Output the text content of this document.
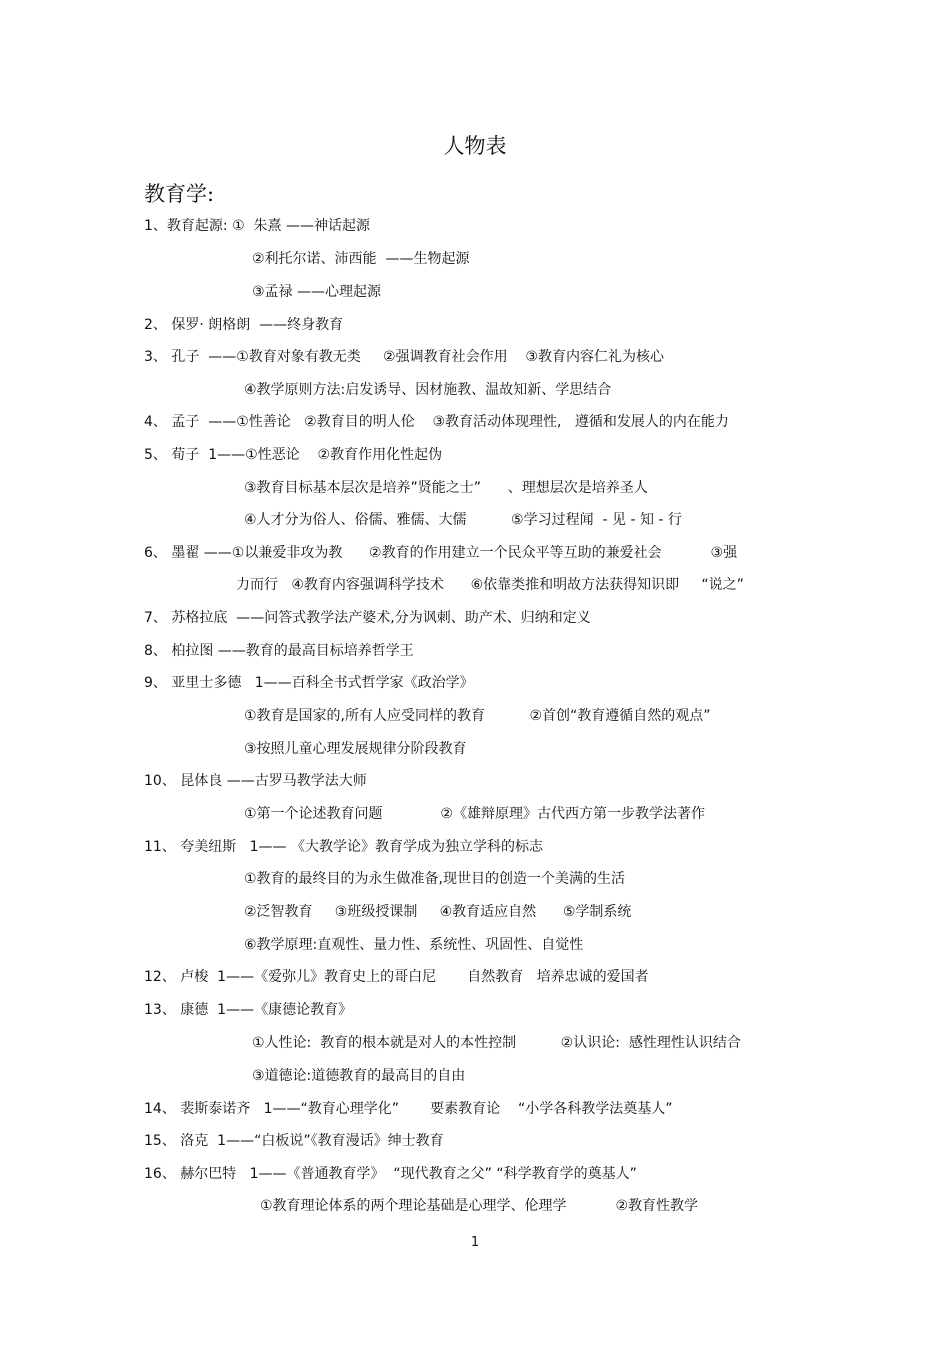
人物表
教育学:
1、教育起源: ①  朱熹 ——神话起源
②利托尔诺、沛西能  ——生物起源
③孟禄 ——心理起源
2、 保罗· 朗格朗  ——终身教育
3、 孔子  ——①教育对象有教无类     ②强调教育社会作用    ③教育内容仁礼为核心
④教学原则方法:启发诱导、因材施教、温故知新、学思结合
4、 孟子  ——①性善论   ②教育目的明人伦    ③教育活动体现理性,   遵循和发展人的内在能力
5、 荀子  1——①性恶论    ②教育作用化性起伪
③教育目标基本层次是培养”贤能之士”      、理想层次是培养圣人
④人才分为俗人、俗儒、雅儒、大儒          ⑤学习过程闻  - 见 - 知 - 行
6、 墨翟 ——①以兼爱非攻为教      ②教育的作用建立一个民众平等互助的兼爱社会           ③强
力而行   ④教育内容强调科学技术      ⑥依靠类推和明故方法获得知识即     “说之”
7、 苏格拉底  ——问答式教学法产婆术,分为讽刺、助产术、归纳和定义
8、 柏拉图 ——教育的最高目标培养哲学王
9、 亚里士多德   1——百科全书式哲学家《政治学》
①教育是国家的,所有人应受同样的教育          ②首创“教育遵循自然的观点”
③按照儿童心理发展规律分阶段教育
10、 昆体良 ——古罗马教学法大师
①第一个论述教育问题             ②《雄辩原理》古代西方第一步教学法著作
11、 夸美纽斯   1—— 《大教学论》教育学成为独立学科的标志
①教育的最终目的为永生做准备,现世目的创造一个美满的生活
②泛智教育     ③班级授课制     ④教育适应自然      ⑤学制系统
⑥教学原理:直观性、量力性、系统性、巩固性、自觉性
12、 卢梭  1——《爱弥儿》教育史上的哥白尼       自然教育   培养忠诚的爱国者
13、 康德  1——《康德论教育》
①人性论:  教育的根本就是对人的本性控制          ②认识论:  感性理性认识结合
③道德论:道德教育的最高目的自由
14、 裴斯泰诺齐   1——“教育心理学化”       要素教育论    “小学各科教学法奠基人”
15、 洛克  1——“白板说”《教育漫话》绅士教育
16、 赫尔巴特   1——《普通教育学》  “现代教育之父” “科学教育学的奠基人”
①教育理论体系的两个理论基础是心理学、伦理学           ②教育性教学
1
